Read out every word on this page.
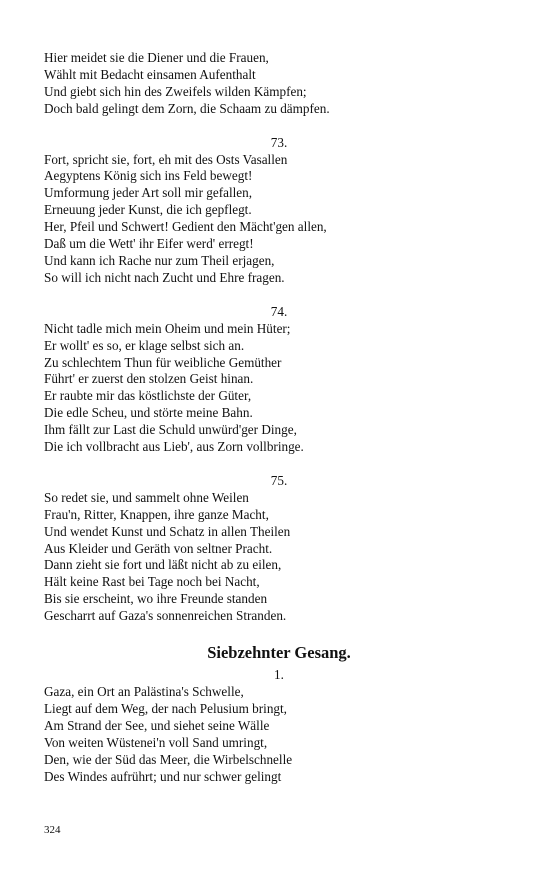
Hier meidet sie die Diener und die Frauen,
Wählt mit Bedacht einsamen Aufenthalt
Und giebt sich hin des Zweifels wilden Kämpfen;
Doch bald gelingt dem Zorn, die Schaam zu dämpfen.
73.
Fort, spricht sie, fort, eh mit des Osts Vasallen
Aegyptens König sich ins Feld bewegt!
Umformung jeder Art soll mir gefallen,
Erneuung jeder Kunst, die ich gepflegt.
Her, Pfeil und Schwert! Gedient den Mächt'gen allen,
Daß um die Wett' ihr Eifer werd' erregt!
Und kann ich Rache nur zum Theil erjagen,
So will ich nicht nach Zucht und Ehre fragen.
74.
Nicht tadle mich mein Oheim und mein Hüter;
Er wollt' es so, er klage selbst sich an.
Zu schlechtem Thun für weibliche Gemüther
Führt' er zuerst den stolzen Geist hinan.
Er raubte mir das köstlichste der Güter,
Die edle Scheu, und störte meine Bahn.
Ihm fällt zur Last die Schuld unwürd'ger Dinge,
Die ich vollbracht aus Lieb', aus Zorn vollbringe.
75.
So redet sie, und sammelt ohne Weilen
Frau'n, Ritter, Knappen, ihre ganze Macht,
Und wendet Kunst und Schatz in allen Theilen
Aus Kleider und Geräth von seltner Pracht.
Dann zieht sie fort und läßt nicht ab zu eilen,
Hält keine Rast bei Tage noch bei Nacht,
Bis sie erscheint, wo ihre Freunde standen
Gescharrt auf Gaza's sonnenreichen Stranden.
Siebzehnter Gesang.
1.
Gaza, ein Ort an Palästina's Schwelle,
Liegt auf dem Weg, der nach Pelusium bringt,
Am Strand der See, und siehet seine Wälle
Von weiten Wüstenei'n voll Sand umringt,
Den, wie der Süd das Meer, die Wirbelschnelle
Des Windes aufrührt; und nur schwer gelingt
324
